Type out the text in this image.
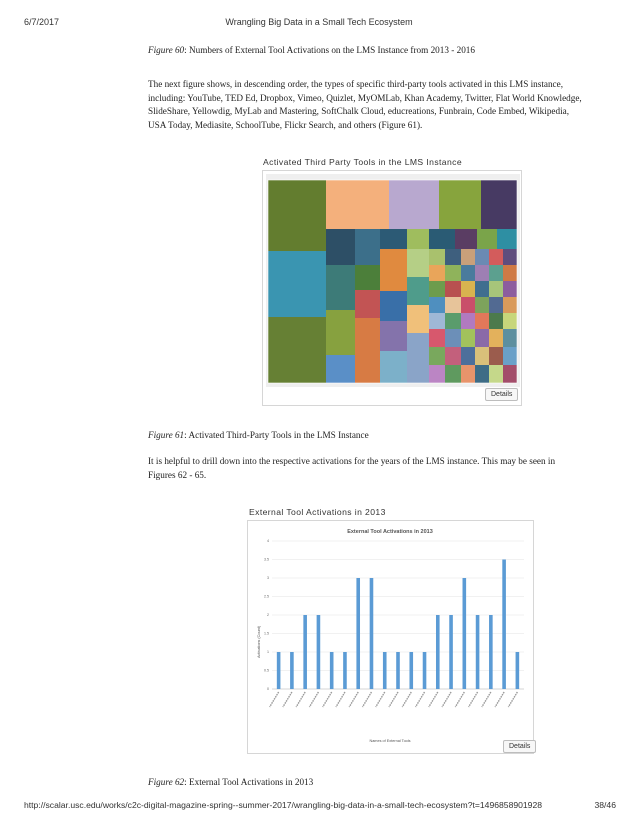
6/7/2017	Wrangling Big Data in a Small Tech Ecosystem
Figure 60: Numbers of External Tool Activations on the LMS Instance from 2013 - 2016
The next figure shows, in descending order, the types of specific third-party tools activated in this LMS instance,
including: YouTube, TED Ed, Dropbox, Vimeo, Quizlet, MyOMLab, Khan Academy, Twitter, Flat World Knowledge,
SlideShare, Yellowdig, MyLab and Mastering, SoftChalk Cloud, educreations, Funbrain, Code Embed, Wikipedia,
USA Today, Mediasite, SchoolTube, Flickr Search, and others (Figure 61).
Activated Third Party Tools in the LMS Instance
Details
Figure 61: Activated Third-Party Tools in the LMS Instance
It is helpful to drill down into the respective activations for the years of the LMS instance. This may be seen in
Figures 62 - 65.
External Tool Activations in 2013
External Tool Activations in 2013
Activations (Count)
Names of External Tools
0
0.5
1
1.5
2
2.5
3
3.5
4
Details
Figure 62: External Tool Activations in 2013
http://scalar.usc.edu/works/c2c-digital-magazine-spring--summer-2017/wrangling-big-data-in-a-small-tech-ecosystem?t=1496858901928	38/46
